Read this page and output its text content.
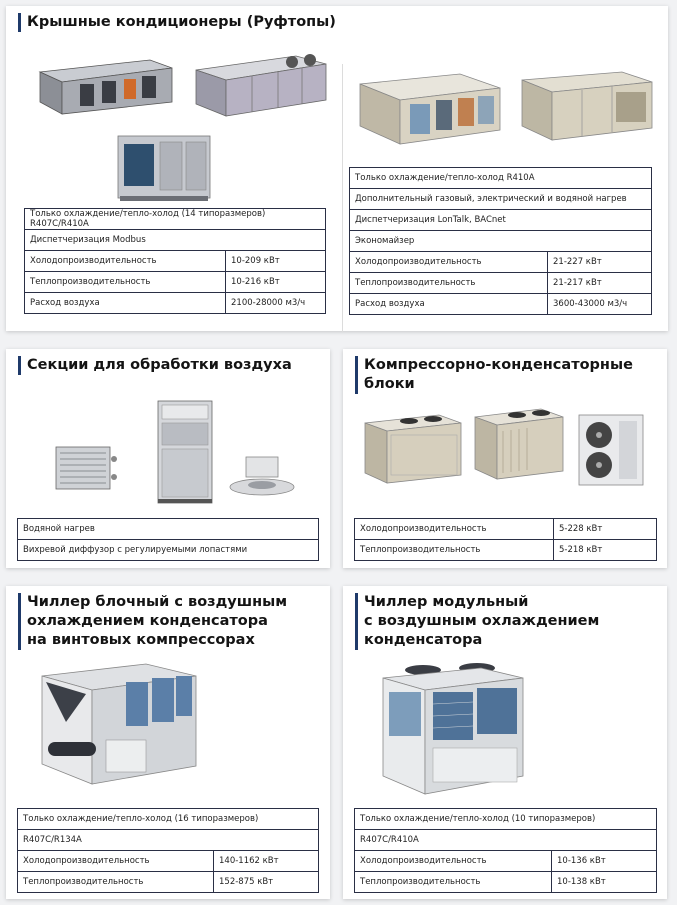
Крышные кондиционеры (Руфтопы)
Только охлаждение/тепло-холод (14 типоразмеров) R407C/R410A	
Диспетчеризация Modbus	
Холодопроизводительность	10-209 кВт
Теплопроизводительность	10-216 кВт
Расход воздуха	2100-28000 м3/ч
Только охлаждение/тепло-холод R410A	
Дополнительный газовый, электрический и водяной нагрев	
Диспетчеризация LonTalk, BACnet	
Экономайзер	
Холодопроизводительность	21-227 кВт
Теплопроизводительность	21-217 кВт
Расход воздуха	3600-43000 м3/ч
Секции для обработки воздуха
Водяной нагрев
Вихревой диффузор с регулируемыми лопастями
Компрессорно-конденсаторные блоки
Холодопроизводительность	5-228 кВт
Теплопроизводительность	5-218 кВт
Чиллер блочный с воздушным
охлаждением конденсатора
на винтовых компрессорах
Только охлаждение/тепло-холод (16 типоразмеров)	
R407C/R134A	
Холодопроизводительность	140-1162 кВт
Теплопроизводительность	152-875 кВт
Чиллер модульный
с воздушным охлаждением
конденсатора
Только охлаждение/тепло-холод (10 типоразмеров)	
R407C/R410A	
Холодопроизводительность	10-136 кВт
Теплопроизводительность	10-138 кВт
